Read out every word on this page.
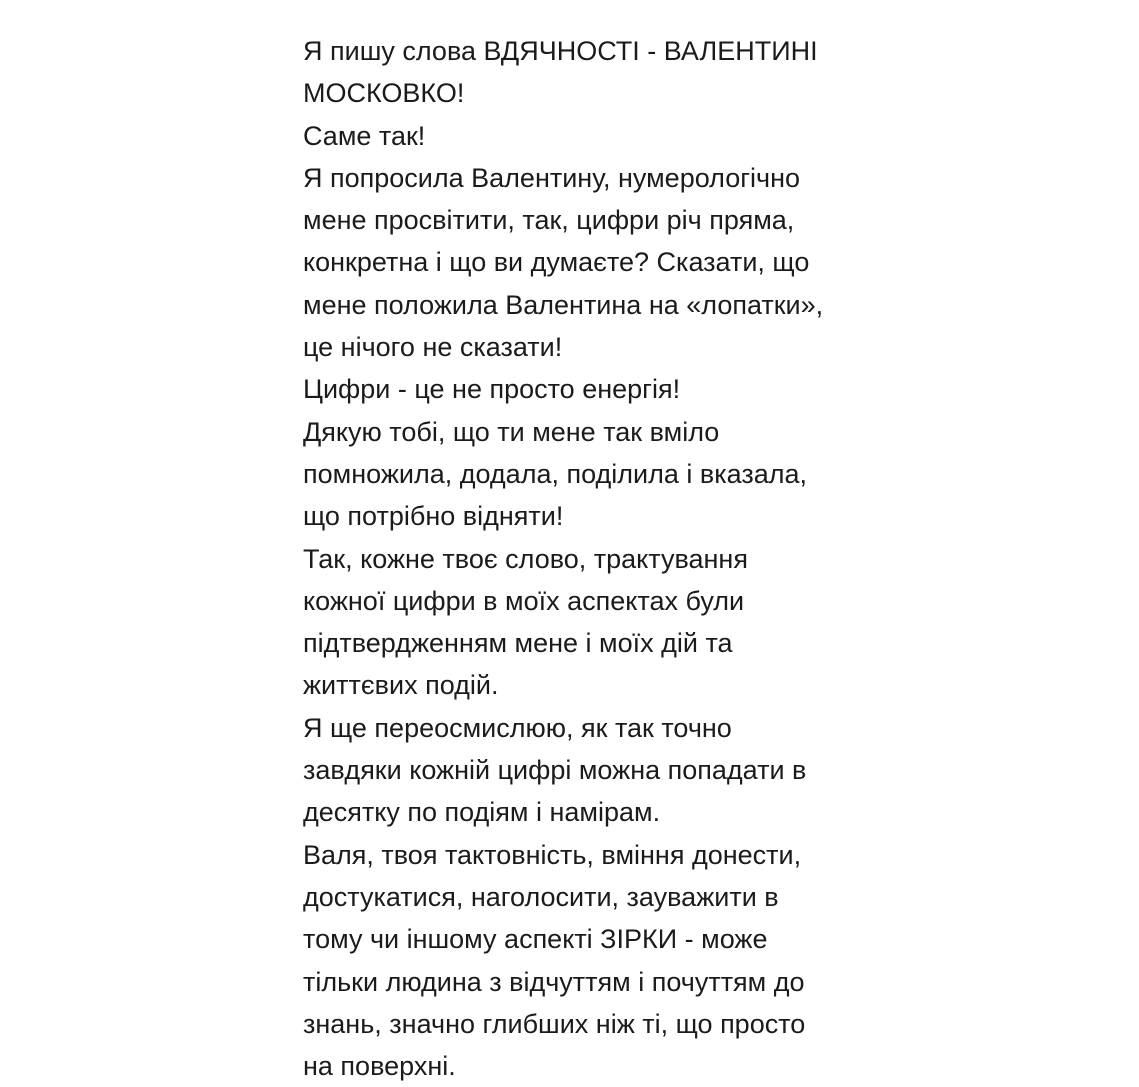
Я пишу слова ВДЯЧНОСТІ - ВАЛЕНТИНІ
МОСКОВКО!
Саме так!
Я попросила Валентину, нумерологічно
мене просвітити, так, цифри річ пряма,
конкретна і що ви думаєте? Сказати, що
мене положила Валентина на «лопатки»,
це нічого не сказати!
Цифри - це не просто енергія!
Дякую тобі, що ти мене так вміло
помножила, додала, поділила і вказала,
що потрібно відняти!
Так, кожне твоє слово, трактування
кожної цифри в моїх аспектах були
підтвердженням мене і моїх дій та
життєвих подій.
Я ще переосмислюю, як так точно
завдяки кожній цифрі можна попадати в
десятку по подіям і намірам.
Валя, твоя тактовність, вміння донести,
достукатися, наголосити, зауважити в
тому чи іншому аспекті ЗІРКИ - може
тільки людина з відчуттям і почуттям до
знань, значно глибших ніж ті, що просто
на поверхні.
